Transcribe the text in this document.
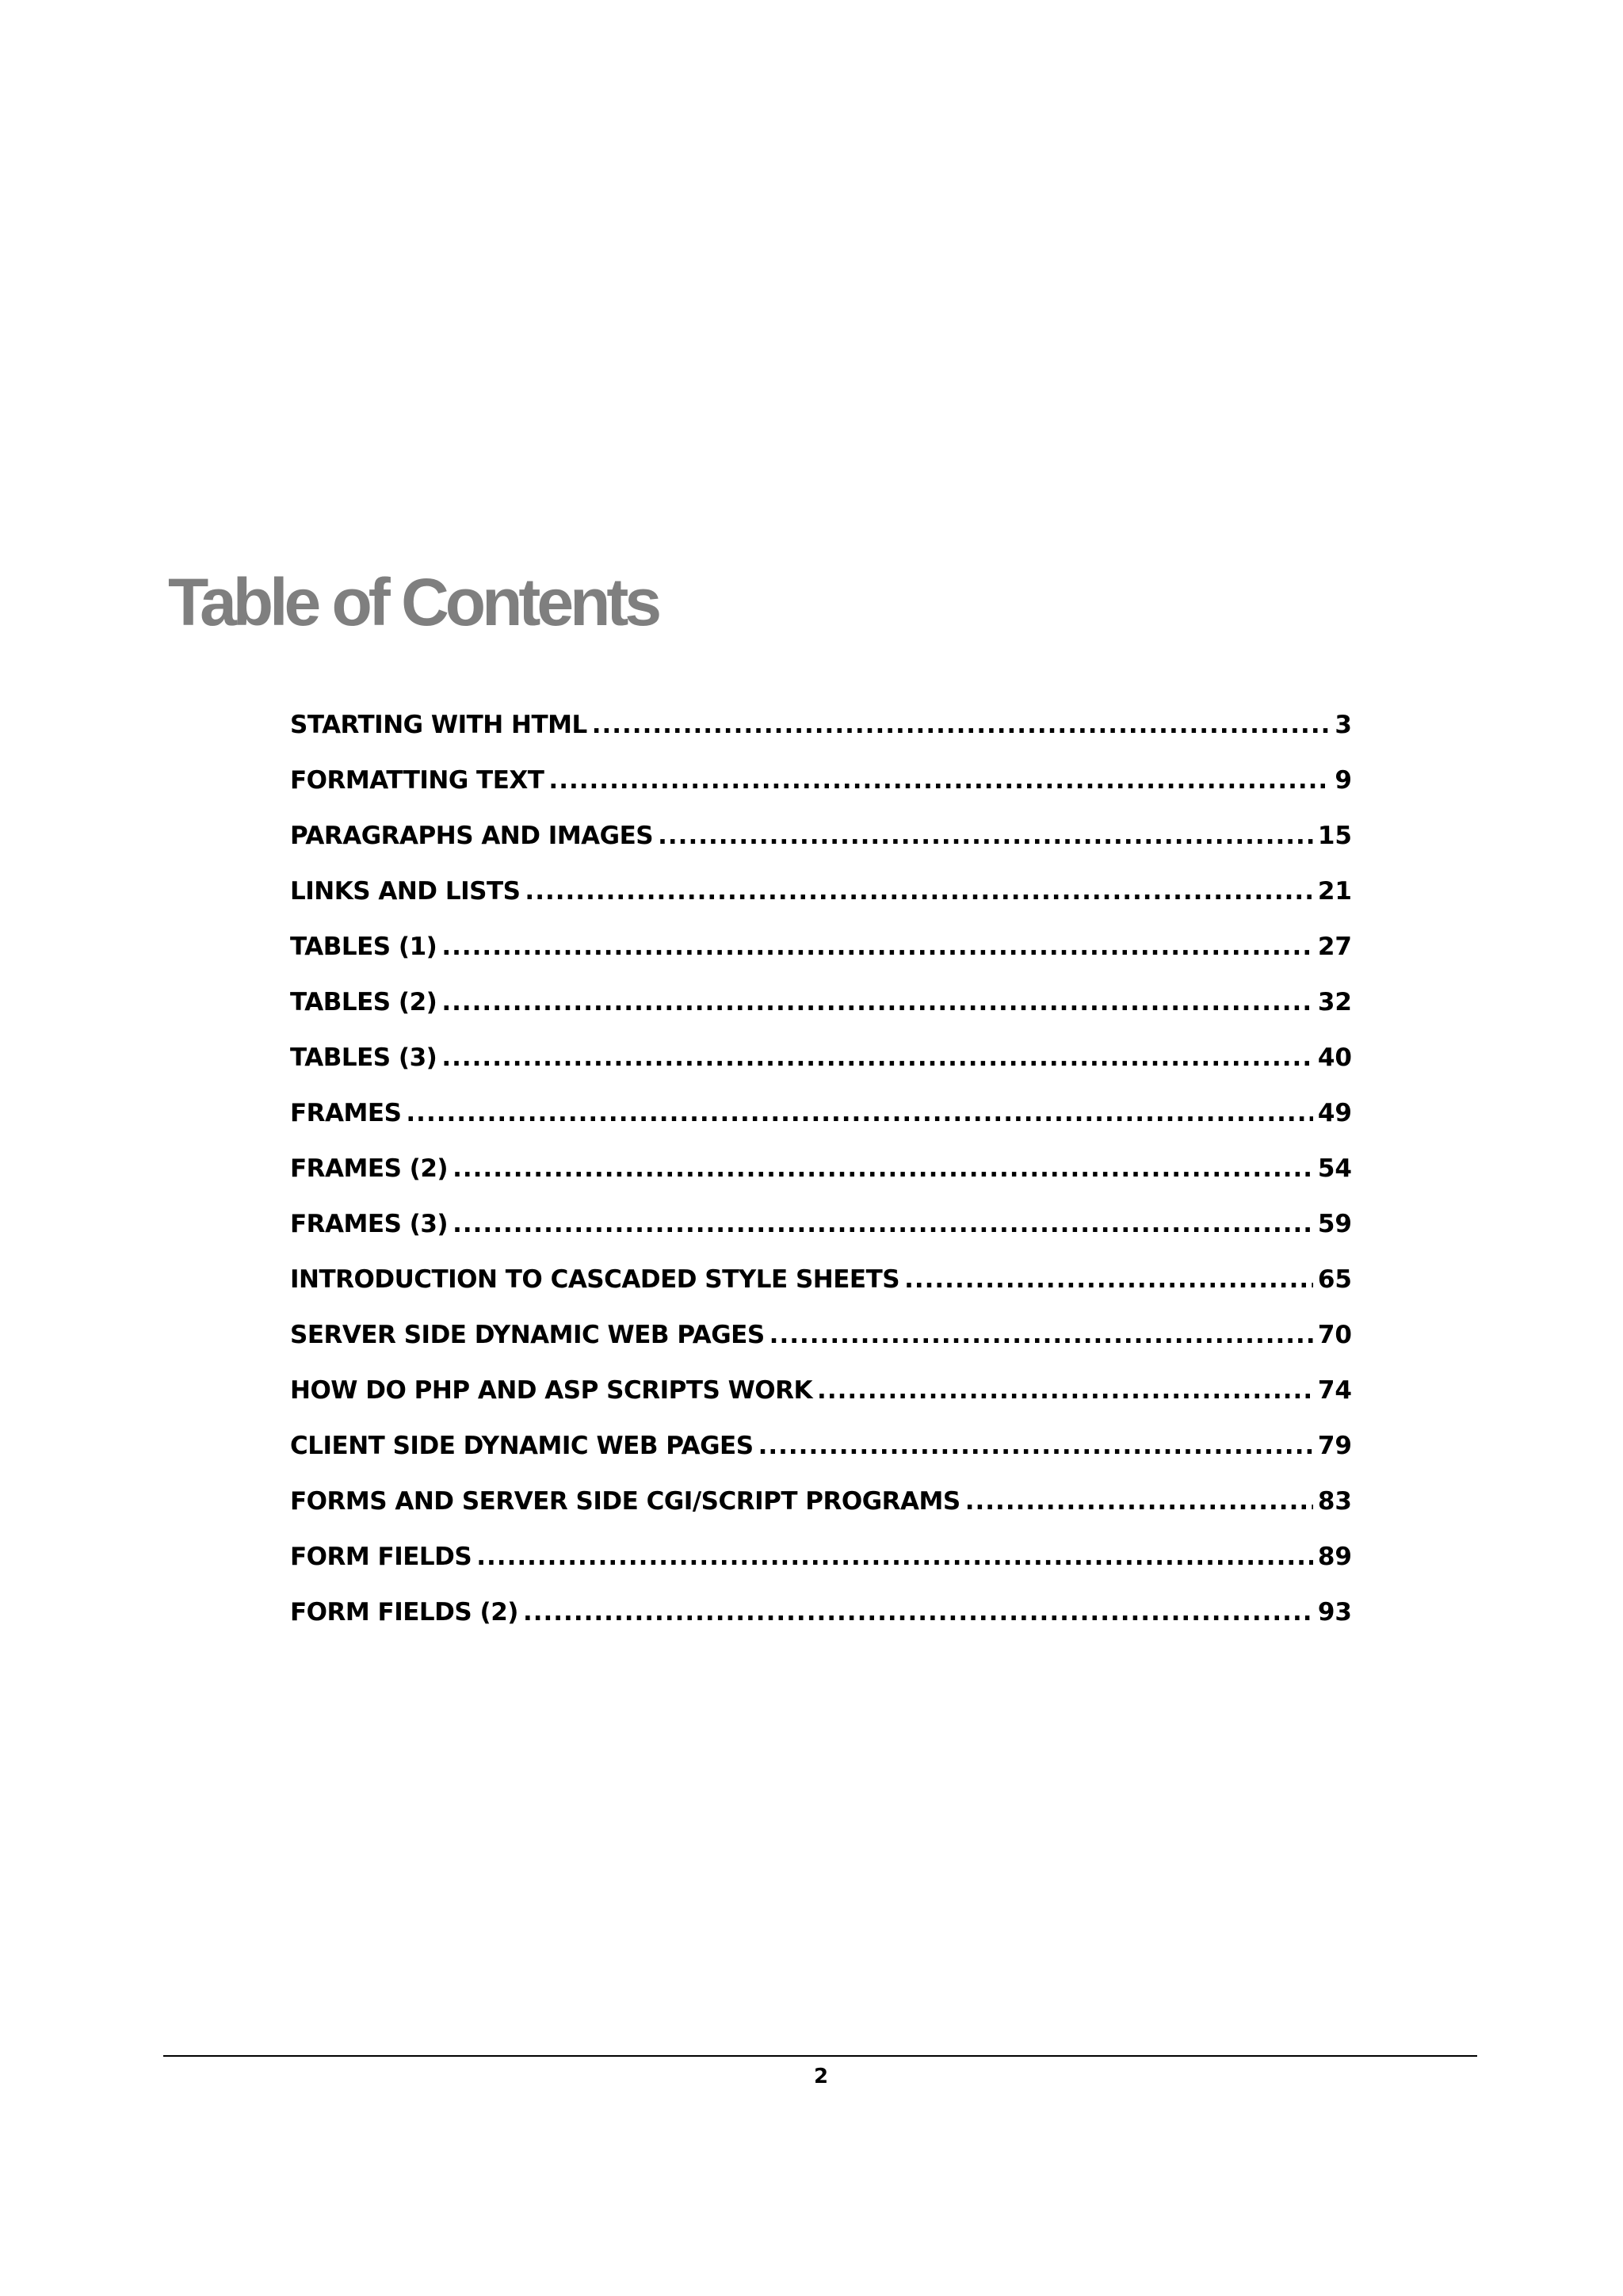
Table of Contents
STARTING WITH HTML .....	3
FORMATTING TEXT .....	9
PARAGRAPHS AND IMAGES .....	15
LINKS AND LISTS .....	21
TABLES (1) .....	27
TABLES (2) .....	32
TABLES (3) .....	40
FRAMES .....	49
FRAMES (2) .....	54
FRAMES (3) .....	59
INTRODUCTION TO CASCADED STYLE SHEETS .....	65
SERVER SIDE DYNAMIC WEB PAGES .....	70
HOW DO PHP AND ASP SCRIPTS WORK .....	74
CLIENT SIDE DYNAMIC WEB PAGES .....	79
FORMS AND SERVER SIDE CGI/SCRIPT PROGRAMS .....	83
FORM FIELDS .....	89
FORM FIELDS (2) .....	93
2
